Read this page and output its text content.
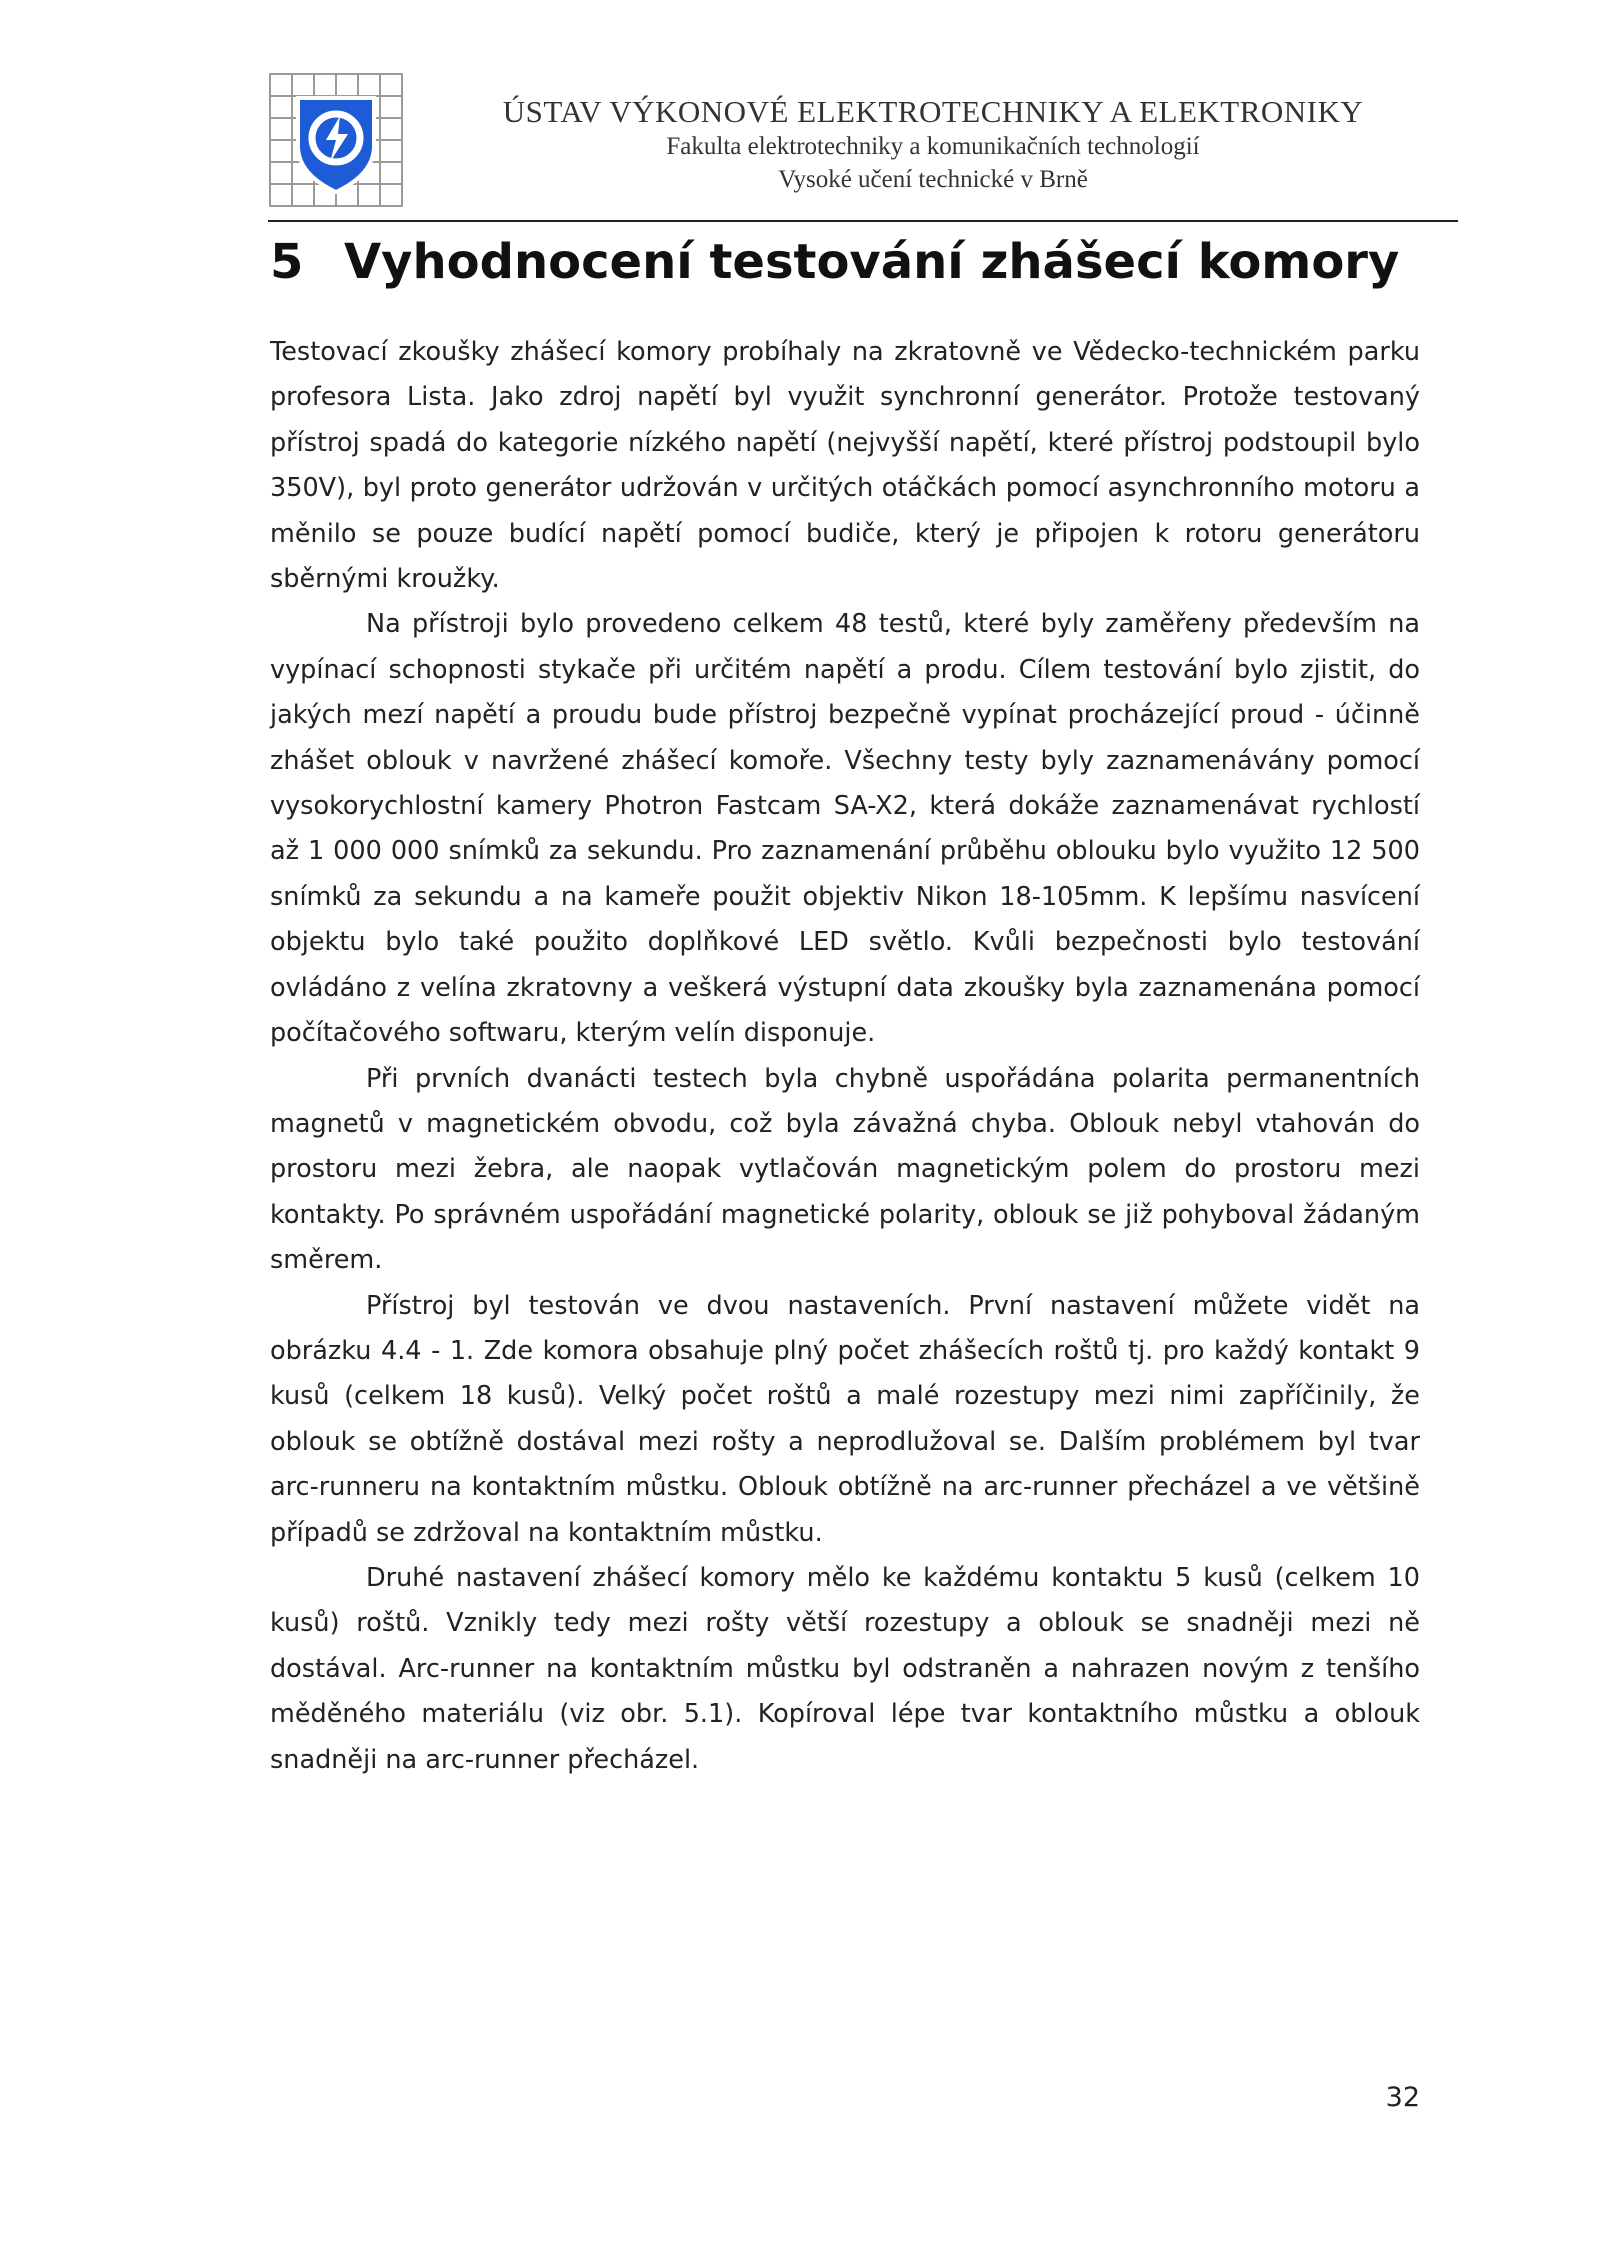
ÚSTAV VÝKONOVÉ ELEKTROTECHNIKY A ELEKTRONIKY
Fakulta elektrotechniky a komunikačních technologií
Vysoké učení technické v Brně
5 Vyhodnocení testování zhášecí komory

Testovací zkoušky zhášecí komory probíhaly na zkratovně ve Vědecko-technickém parku profesora Lista. Jako zdroj napětí byl využit synchronní generátor. Protože testovaný přístroj spadá do kategorie nízkého napětí (nejvyšší napětí, které přístroj podstoupil bylo 350V), byl proto generátor udržován v určitých otáčkách pomocí asynchronního motoru a měnilo se pouze budící napětí pomocí budiče, který je připojen k rotoru generátoru sběrnými kroužky.

Na přístroji bylo provedeno celkem 48 testů, které byly zaměřeny především na vypínací schopnosti stykače při určitém napětí a produ. Cílem testování bylo zjistit, do jakých mezí napětí a proudu bude přístroj bezpečně vypínat procházející proud - účinně zhášet oblouk v navržené zhášecí komoře. Všechny testy byly zaznamenávány pomocí vysokorychlostní kamery Photron Fastcam SA-X2, která dokáže zaznamenávat rychlostí až 1 000 000 snímků za sekundu. Pro zaznamenání průběhu oblouku bylo využito 12 500 snímků za sekundu a na kameře použit objektiv Nikon 18-105mm. K lepšímu nasvícení objektu bylo také použito doplňkové LED světlo. Kvůli bezpečnosti bylo testování ovládáno z velína zkratovny a veškerá výstupní data zkoušky byla zaznamenána pomocí počítačového softwaru, kterým velín disponuje.

Při prvních dvanácti testech byla chybně uspořádána polarita permanentních magnetů v magnetickém obvodu, což byla závažná chyba. Oblouk nebyl vtahován do prostoru mezi žebra, ale naopak vytlačován magnetickým polem do prostoru mezi kontakty. Po správném uspořádání magnetické polarity, oblouk se již pohyboval žádaným směrem.

Přístroj byl testován ve dvou nastaveních. První nastavení můžete vidět na obrázku 4.4 - 1. Zde komora obsahuje plný počet zhášecích roštů tj. pro každý kontakt 9 kusů (celkem 18 kusů). Velký počet roštů a malé rozestupy mezi nimi zapříčinily, že oblouk se obtížně dostával mezi rošty a neprodlužoval se. Dalším problémem byl tvar arc-runneru na kontaktním můstku. Oblouk obtížně na arc-runner přecházel a ve většině případů se zdržoval na kontaktním můstku.

Druhé nastavení zhášecí komory mělo ke každému kontaktu 5 kusů (celkem 10 kusů) roštů. Vznikly tedy mezi rošty větší rozestupy a oblouk se snadněji mezi ně dostával. Arc-runner na kontaktním můstku byl odstraněn a nahrazen novým z tenšího měděného materiálu (viz obr. 5.1). Kopíroval lépe tvar kontaktního můstku a oblouk snadněji na arc-runner přecházel.

32
